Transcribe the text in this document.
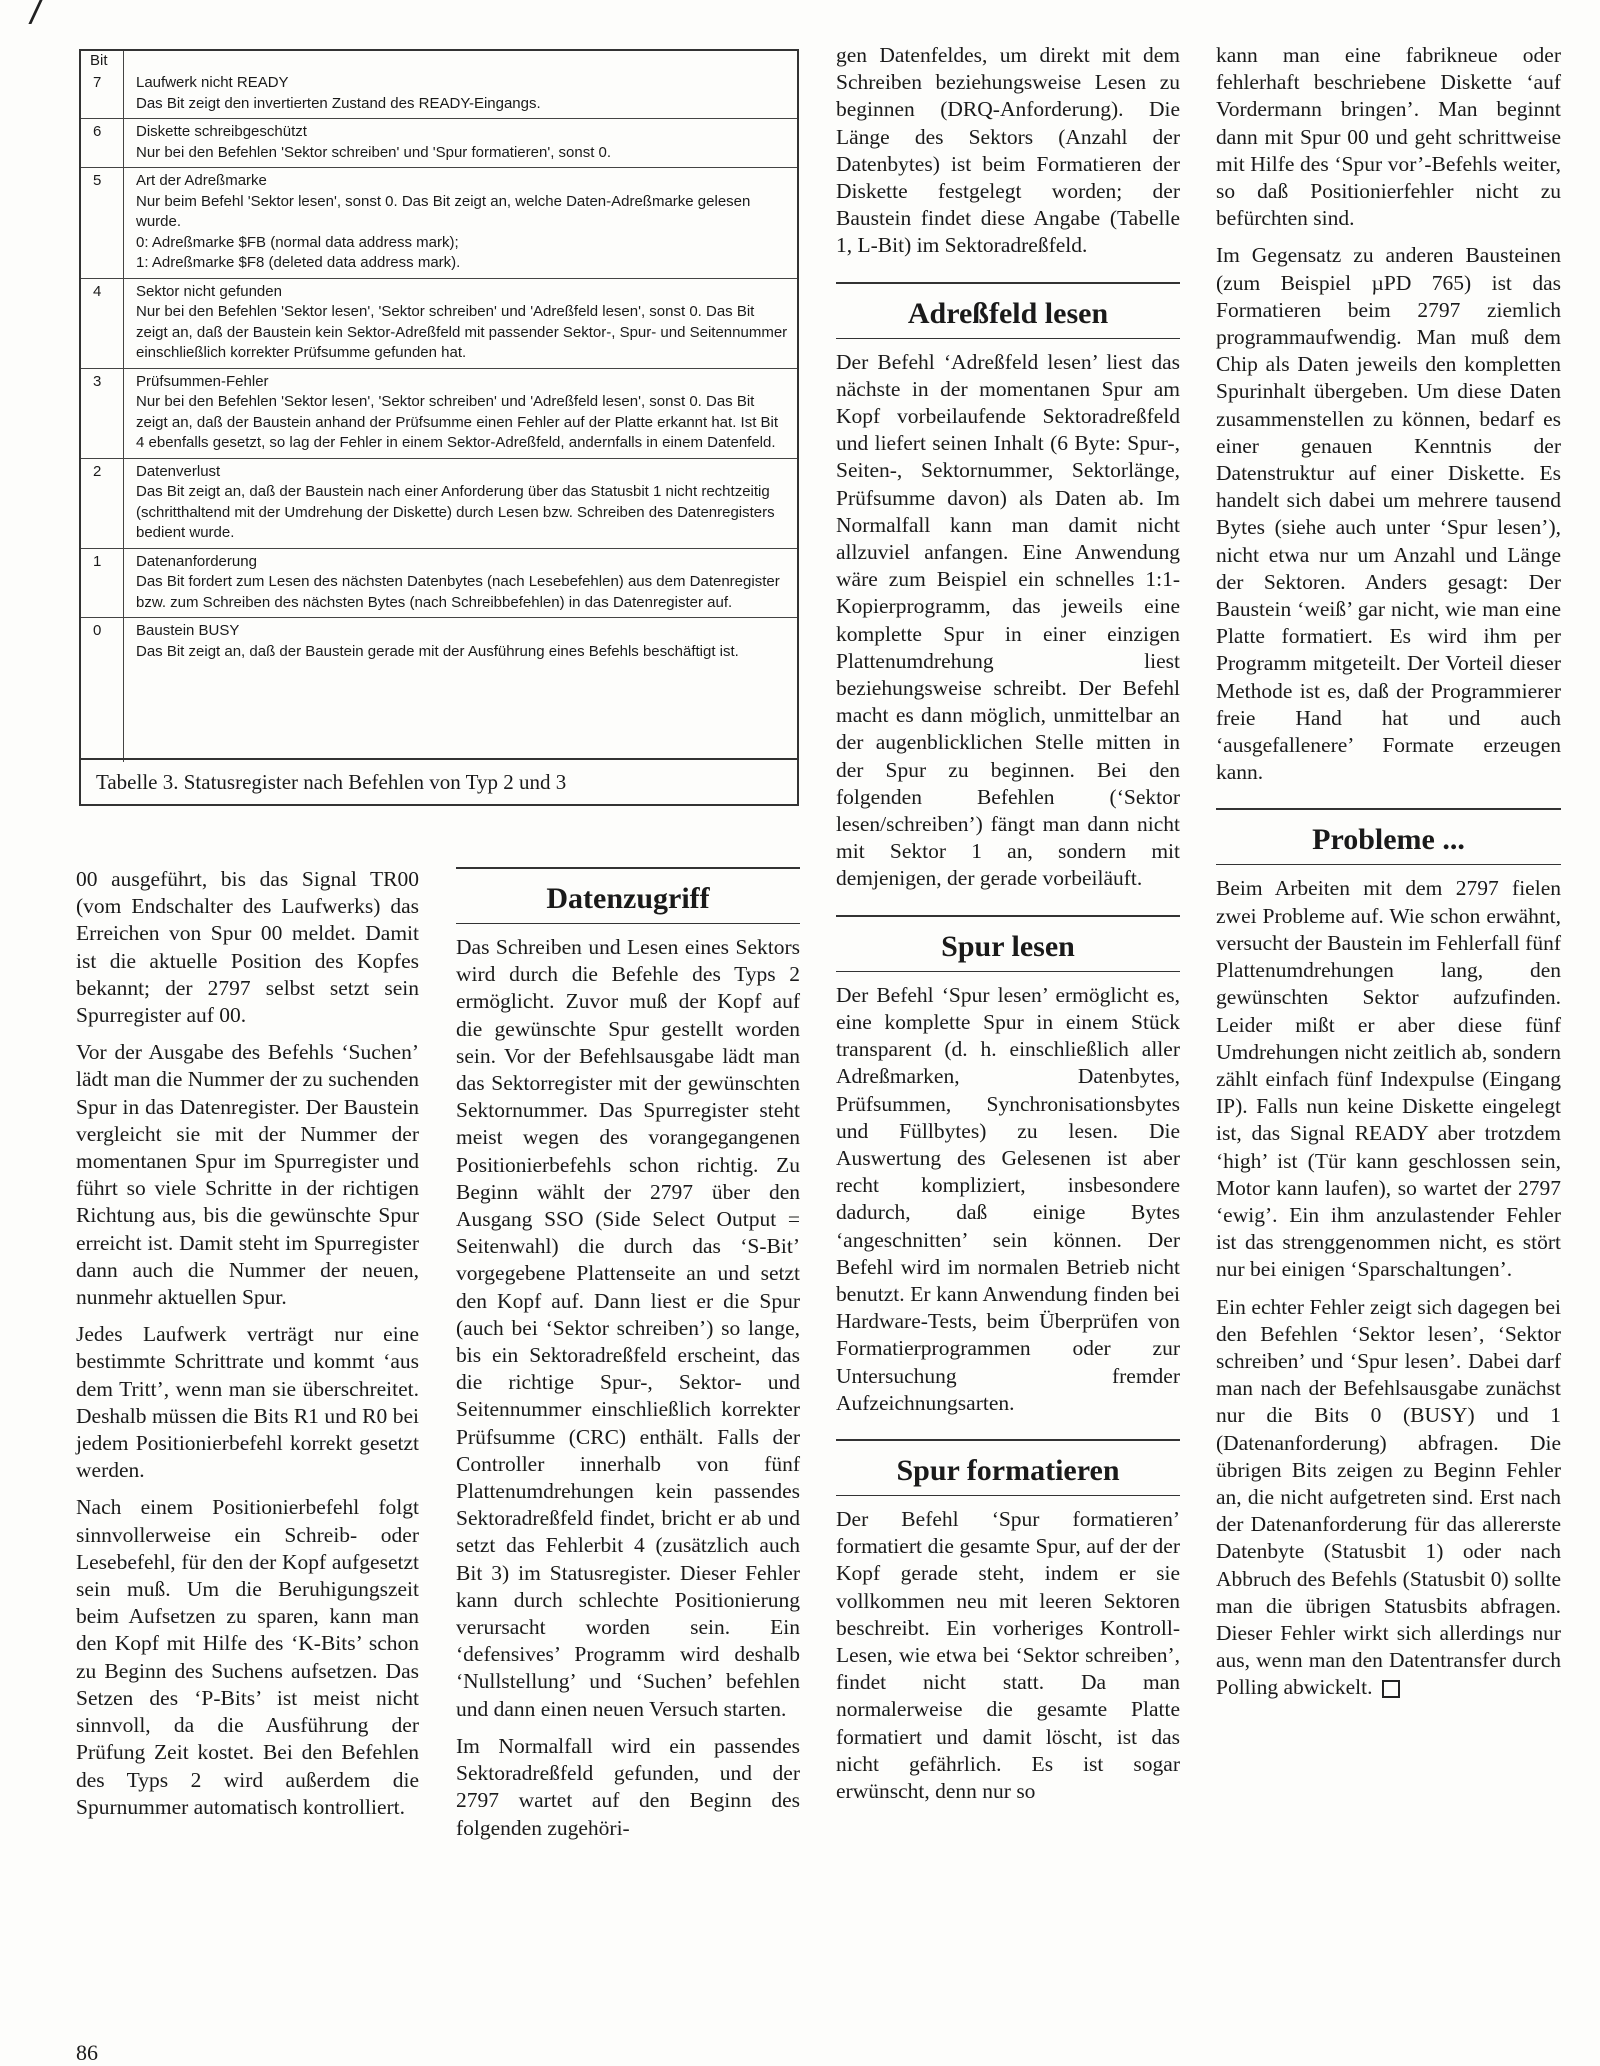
Bit
7	Laufwerk nicht READY
Das Bit zeigt den invertierten Zustand des READY-Eingangs.
6	Diskette schreibgeschützt
Nur bei den Befehlen 'Sektor schreiben' und 'Spur formatieren', sonst 0.
5	Art der Adreßmarke
Nur beim Befehl 'Sektor lesen', sonst 0. Das Bit zeigt an, welche Daten-Adreßmarke gelesen wurde.
0: Adreßmarke $FB (normal data address mark);
1: Adreßmarke $F8 (deleted data address mark).
4	Sektor nicht gefunden
Nur bei den Befehlen 'Sektor lesen', 'Sektor schreiben' und 'Adreßfeld lesen', sonst 0. Das Bit zeigt an, daß der Baustein kein Sektor-Adreßfeld mit passender Sektor-, Spur- und Seitennummer einschließlich korrekter Prüfsumme gefunden hat.
3	Prüfsummen-Fehler
Nur bei den Befehlen 'Sektor lesen', 'Sektor schreiben' und 'Adreßfeld lesen', sonst 0. Das Bit zeigt an, daß der Baustein anhand der Prüfsumme einen Fehler auf der Platte erkannt hat. Ist Bit 4 ebenfalls gesetzt, so lag der Fehler in einem Sektor-Adreßfeld, andernfalls in einem Datenfeld.
2	Datenverlust
Das Bit zeigt an, daß der Baustein nach einer Anforderung über das Statusbit 1 nicht rechtzeitig (schritthaltend mit der Umdrehung der Diskette) durch Lesen bzw. Schreiben des Datenregisters bedient wurde.
1	Datenanforderung
Das Bit fordert zum Lesen des nächsten Datenbytes (nach Lesebefehlen) aus dem Datenregister bzw. zum Schreiben des nächsten Bytes (nach Schreibbefehlen) in das Datenregister auf.
0	Baustein BUSY
Das Bit zeigt an, daß der Baustein gerade mit der Ausführung eines Befehls beschäftigt ist.
Tabelle 3. Statusregister nach Befehlen von Typ 2 und 3

00 ausgeführt, bis das Signal TR00 (vom Endschalter des Laufwerks) das Erreichen von Spur 00 meldet. Damit ist die aktuelle Position des Kopfes bekannt; der 2797 selbst setzt sein Spurregister auf 00.

Vor der Ausgabe des Befehls ‘Suchen’ lädt man die Nummer der zu suchenden Spur in das Datenregister. Der Baustein vergleicht sie mit der Nummer der momentanen Spur im Spurregister und führt so viele Schritte in der richtigen Richtung aus, bis die gewünschte Spur erreicht ist. Damit steht im Spurregister dann auch die Nummer der neuen, nunmehr aktuellen Spur.

Jedes Laufwerk verträgt nur eine bestimmte Schrittrate und kommt ‘aus dem Tritt’, wenn man sie überschreitet. Deshalb müssen die Bits R1 und R0 bei jedem Positionierbefehl korrekt gesetzt werden.

Nach einem Positionierbefehl folgt sinnvollerweise ein Schreib- oder Lesebefehl, für den der Kopf aufgesetzt sein muß. Um die Beruhigungszeit beim Aufsetzen zu sparen, kann man den Kopf mit Hilfe des ‘K-Bits’ schon zu Beginn des Suchens aufsetzen. Das Setzen des ‘P-Bits’ ist meist nicht sinnvoll, da die Ausführung der Prüfung Zeit kostet. Bei den Befehlen des Typs 2 wird außerdem die Spurnummer automatisch kontrolliert.

Datenzugriff

Das Schreiben und Lesen eines Sektors wird durch die Befehle des Typs 2 ermöglicht. Zuvor muß der Kopf auf die gewünschte Spur gestellt worden sein. Vor der Befehlsausgabe lädt man das Sektorregister mit der gewünschten Sektornummer. Das Spurregister steht meist wegen des vorangegangenen Positionierbefehls schon richtig. Zu Beginn wählt der 2797 über den Ausgang SSO (Side Select Output = Seitenwahl) die durch das ‘S-Bit’ vorgegebene Plattenseite an und setzt den Kopf auf. Dann liest er die Spur (auch bei ‘Sektor schreiben’) so lange, bis ein Sektoradreßfeld erscheint, das die richtige Spur-, Sektor- und Seitennummer einschließlich korrekter Prüfsumme (CRC) enthält. Falls der Controller innerhalb von fünf Plattenumdrehungen kein passendes Sektoradreßfeld findet, bricht er ab und setzt das Fehlerbit 4 (zusätzlich auch Bit 3) im Statusregister. Dieser Fehler kann durch schlechte Positionierung verursacht worden sein. Ein ‘defensives’ Programm wird deshalb ‘Nullstellung’ und ‘Suchen’ befehlen und dann einen neuen Versuch starten.

Im Normalfall wird ein passendes Sektoradreßfeld gefunden, und der 2797 wartet auf den Beginn des folgenden zugehöri-

gen Datenfeldes, um direkt mit dem Schreiben beziehungsweise Lesen zu beginnen (DRQ-Anforderung). Die Länge des Sektors (Anzahl der Datenbytes) ist beim Formatieren der Diskette festgelegt worden; der Baustein findet diese Angabe (Tabelle 1, L-Bit) im Sektoradreßfeld.

Adreßfeld lesen

Der Befehl ‘Adreßfeld lesen’ liest das nächste in der momentanen Spur am Kopf vorbeilaufende Sektoradreßfeld und liefert seinen Inhalt (6 Byte: Spur-, Seiten-, Sektornummer, Sektorlänge, Prüfsumme davon) als Daten ab. Im Normalfall kann man damit nicht allzuviel anfangen. Eine Anwendung wäre zum Beispiel ein schnelles 1:1-Kopierprogramm, das jeweils eine komplette Spur in einer einzigen Plattenumdrehung liest beziehungsweise schreibt. Der Befehl macht es dann möglich, unmittelbar an der augenblicklichen Stelle mitten in der Spur zu beginnen. Bei den folgenden Befehlen (‘Sektor lesen/schreiben’) fängt man dann nicht mit Sektor 1 an, sondern mit demjenigen, der gerade vorbeiläuft.

Spur lesen

Der Befehl ‘Spur lesen’ ermöglicht es, eine komplette Spur in einem Stück transparent (d. h. einschließlich aller Adreßmarken, Datenbytes, Prüfsummen, Synchronisationsbytes und Füllbytes) zu lesen. Die Auswertung des Gelesenen ist aber recht kompliziert, insbesondere dadurch, daß einige Bytes ‘angeschnitten’ sein können. Der Befehl wird im normalen Betrieb nicht benutzt. Er kann Anwendung finden bei Hardware-Tests, beim Überprüfen von Formatierprogrammen oder zur Untersuchung fremder Aufzeichnungsarten.

Spur formatieren

Der Befehl ‘Spur formatieren’ formatiert die gesamte Spur, auf der der Kopf gerade steht, indem er sie vollkommen neu mit leeren Sektoren beschreibt. Ein vorheriges Kontroll-Lesen, wie etwa bei ‘Sektor schreiben’, findet nicht statt. Da man normalerweise die gesamte Platte formatiert und damit löscht, ist das nicht gefährlich. Es ist sogar erwünscht, denn nur so

kann man eine fabrikneue oder fehlerhaft beschriebene Diskette ‘auf Vordermann bringen’. Man beginnt dann mit Spur 00 und geht schrittweise mit Hilfe des ‘Spur vor’-Befehls weiter, so daß Positionierfehler nicht zu befürchten sind.

Im Gegensatz zu anderen Bausteinen (zum Beispiel µPD 765) ist das Formatieren beim 2797 ziemlich programmaufwendig. Man muß dem Chip als Daten jeweils den kompletten Spurinhalt übergeben. Um diese Daten zusammenstellen zu können, bedarf es einer genauen Kenntnis der Datenstruktur auf einer Diskette. Es handelt sich dabei um mehrere tausend Bytes (siehe auch unter ‘Spur lesen’), nicht etwa nur um Anzahl und Länge der Sektoren. Anders gesagt: Der Baustein ‘weiß’ gar nicht, wie man eine Platte formatiert. Es wird ihm per Programm mitgeteilt. Der Vorteil dieser Methode ist es, daß der Programmierer freie Hand hat und auch ‘ausgefallenere’ Formate erzeugen kann.

Probleme ...

Beim Arbeiten mit dem 2797 fielen zwei Probleme auf. Wie schon erwähnt, versucht der Baustein im Fehlerfall fünf Plattenumdrehungen lang, den gewünschten Sektor aufzufinden. Leider mißt er aber diese fünf Umdrehungen nicht zeitlich ab, sondern zählt einfach fünf Indexpulse (Eingang IP). Falls nun keine Diskette eingelegt ist, das Signal READY aber trotzdem ‘high’ ist (Tür kann geschlossen sein, Motor kann laufen), so wartet der 2797 ‘ewig’. Ein ihm anzulastender Fehler ist das strenggenommen nicht, es stört nur bei einigen ‘Sparschaltungen’.

Ein echter Fehler zeigt sich dagegen bei den Befehlen ‘Sektor lesen’, ‘Sektor schreiben’ und ‘Spur lesen’. Dabei darf man nach der Befehlsausgabe zunächst nur die Bits 0 (BUSY) und 1 (Datenanforderung) abfragen. Die übrigen Bits zeigen zu Beginn Fehler an, die nicht aufgetreten sind. Erst nach der Datenanforderung für das allererste Datenbyte (Statusbit 1) oder nach Abbruch des Befehls (Statusbit 0) sollte man die übrigen Statusbits abfragen. Dieser Fehler wirkt sich allerdings nur aus, wenn man den Datentransfer durch Polling abwickelt.

86
